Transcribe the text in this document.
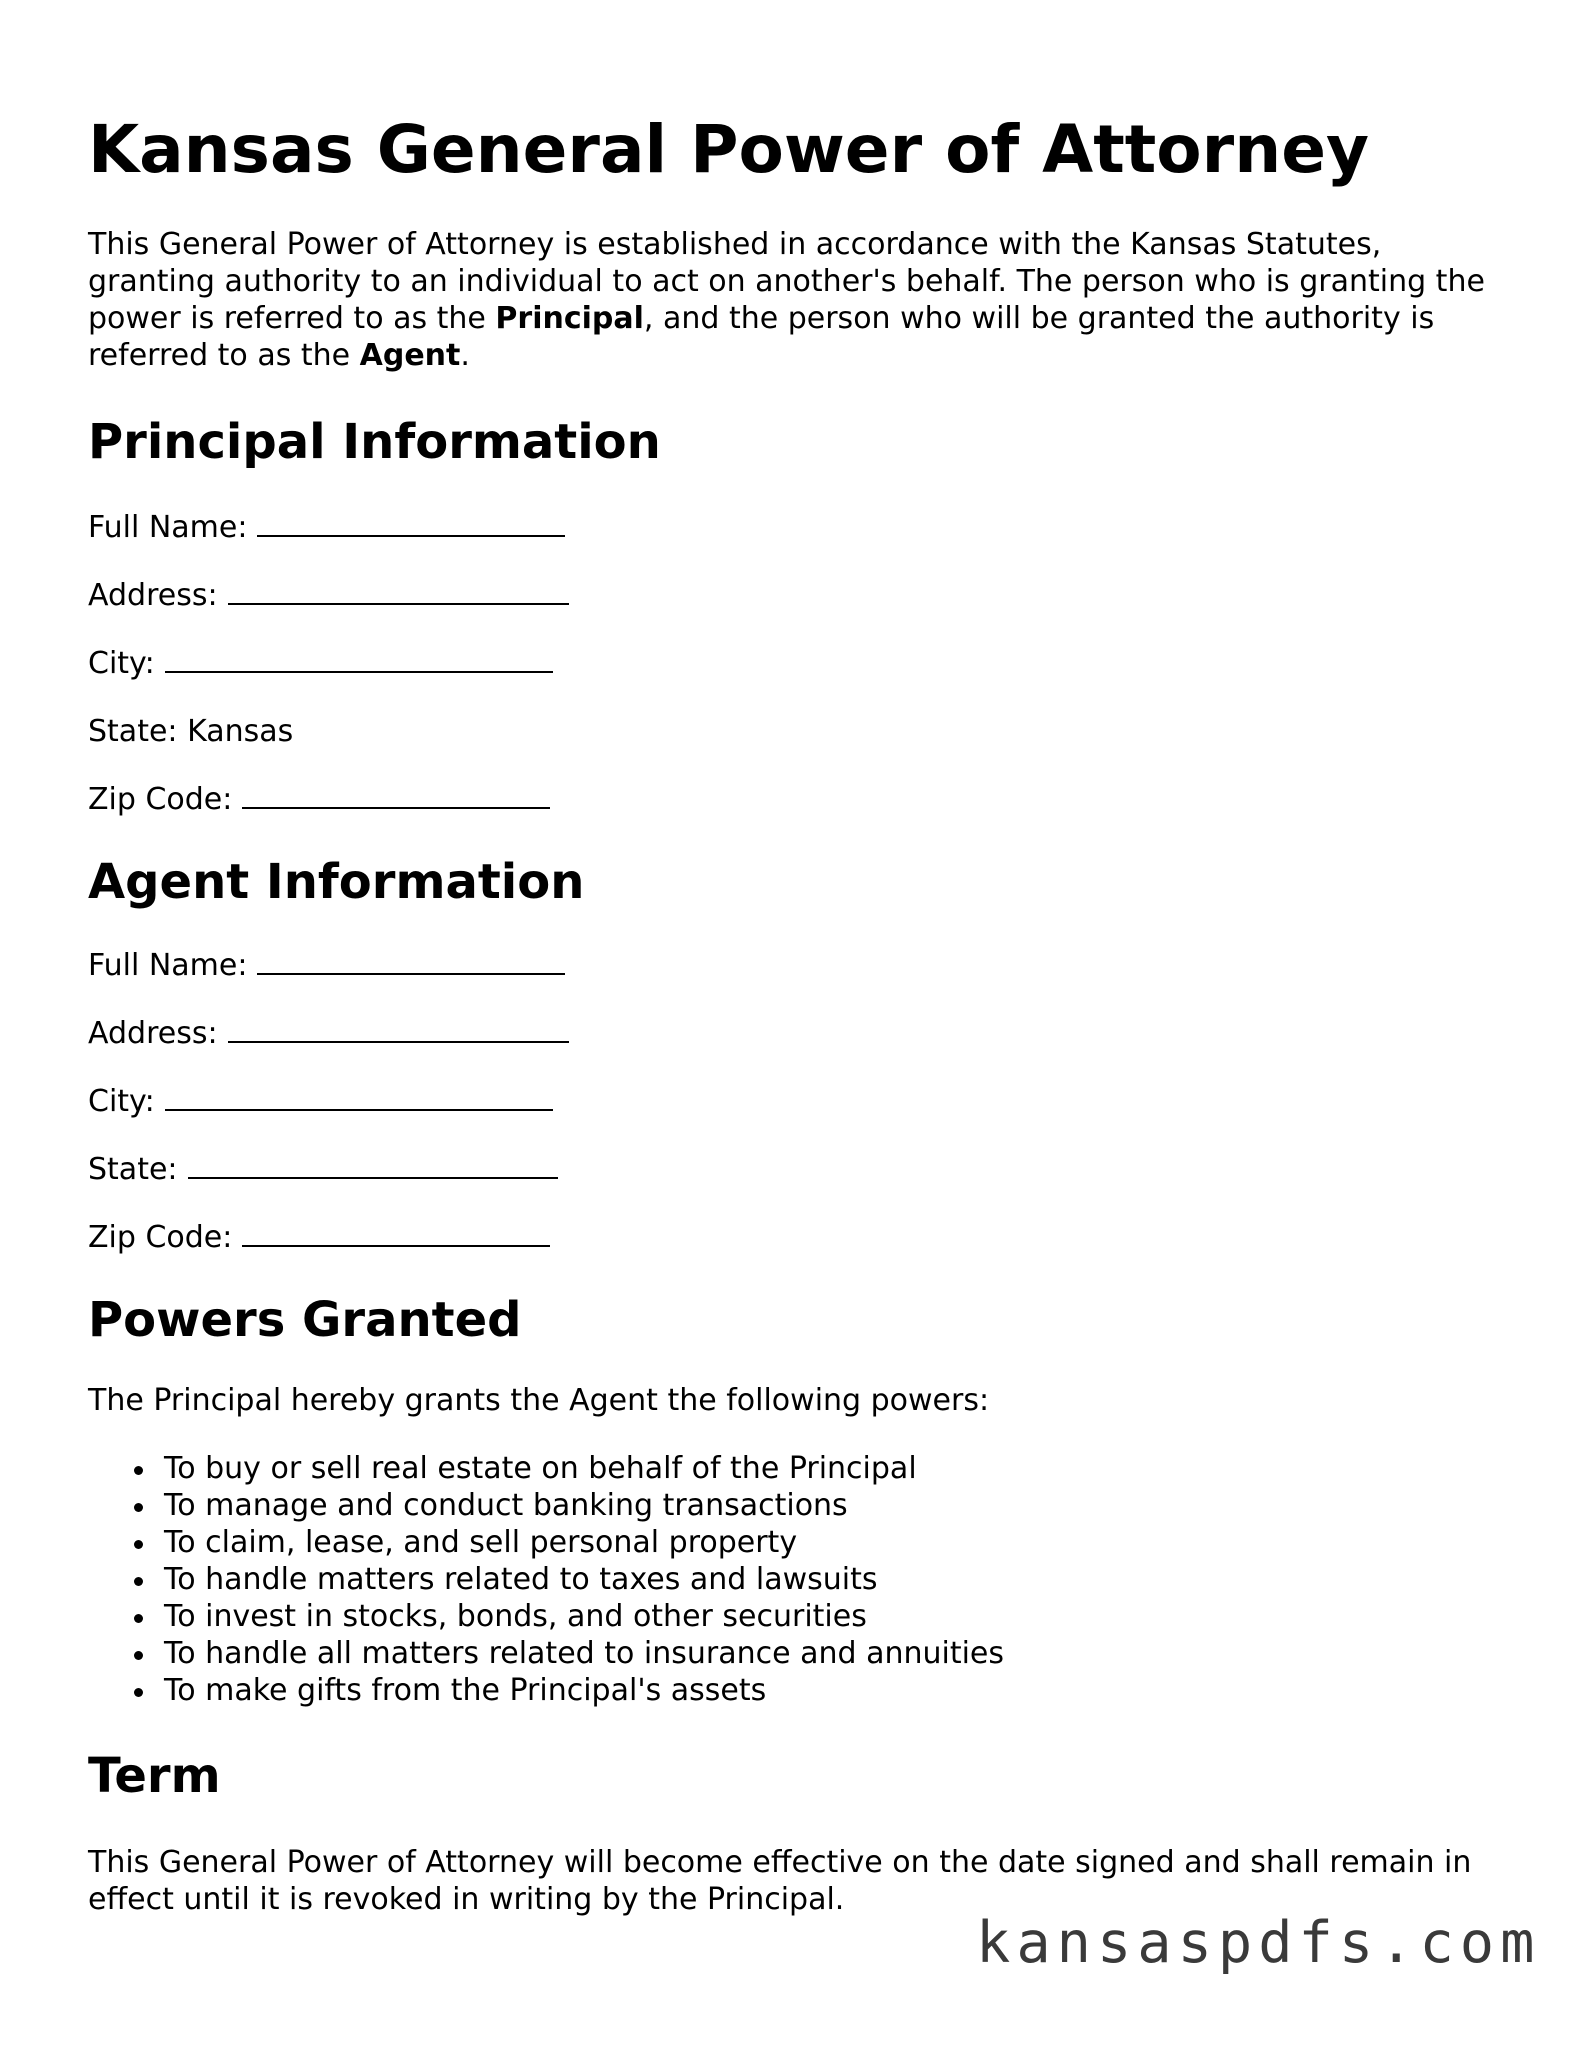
Kansas General Power of Attorney

This General Power of Attorney is established in accordance with the Kansas Statutes, granting authority to an individual to act on another's behalf. The person who is granting the power is referred to as the Principal, and the person who will be granted the authority is referred to as the Agent.

Principal Information
Full Name:
Address:
City:
State: Kansas
Zip Code:
Agent Information
Full Name:
Address:
City:
State:
Zip Code:
Powers Granted

The Principal hereby grants the Agent the following powers:

To buy or sell real estate on behalf of the Principal
To manage and conduct banking transactions
To claim, lease, and sell personal property
To handle matters related to taxes and lawsuits
To invest in stocks, bonds, and other securities
To handle all matters related to insurance and annuities
To make gifts from the Principal's assets
Term

This General Power of Attorney will become effective on the date signed and shall remain in effect until it is revoked in writing by the Principal.

kansaspdfs.com
